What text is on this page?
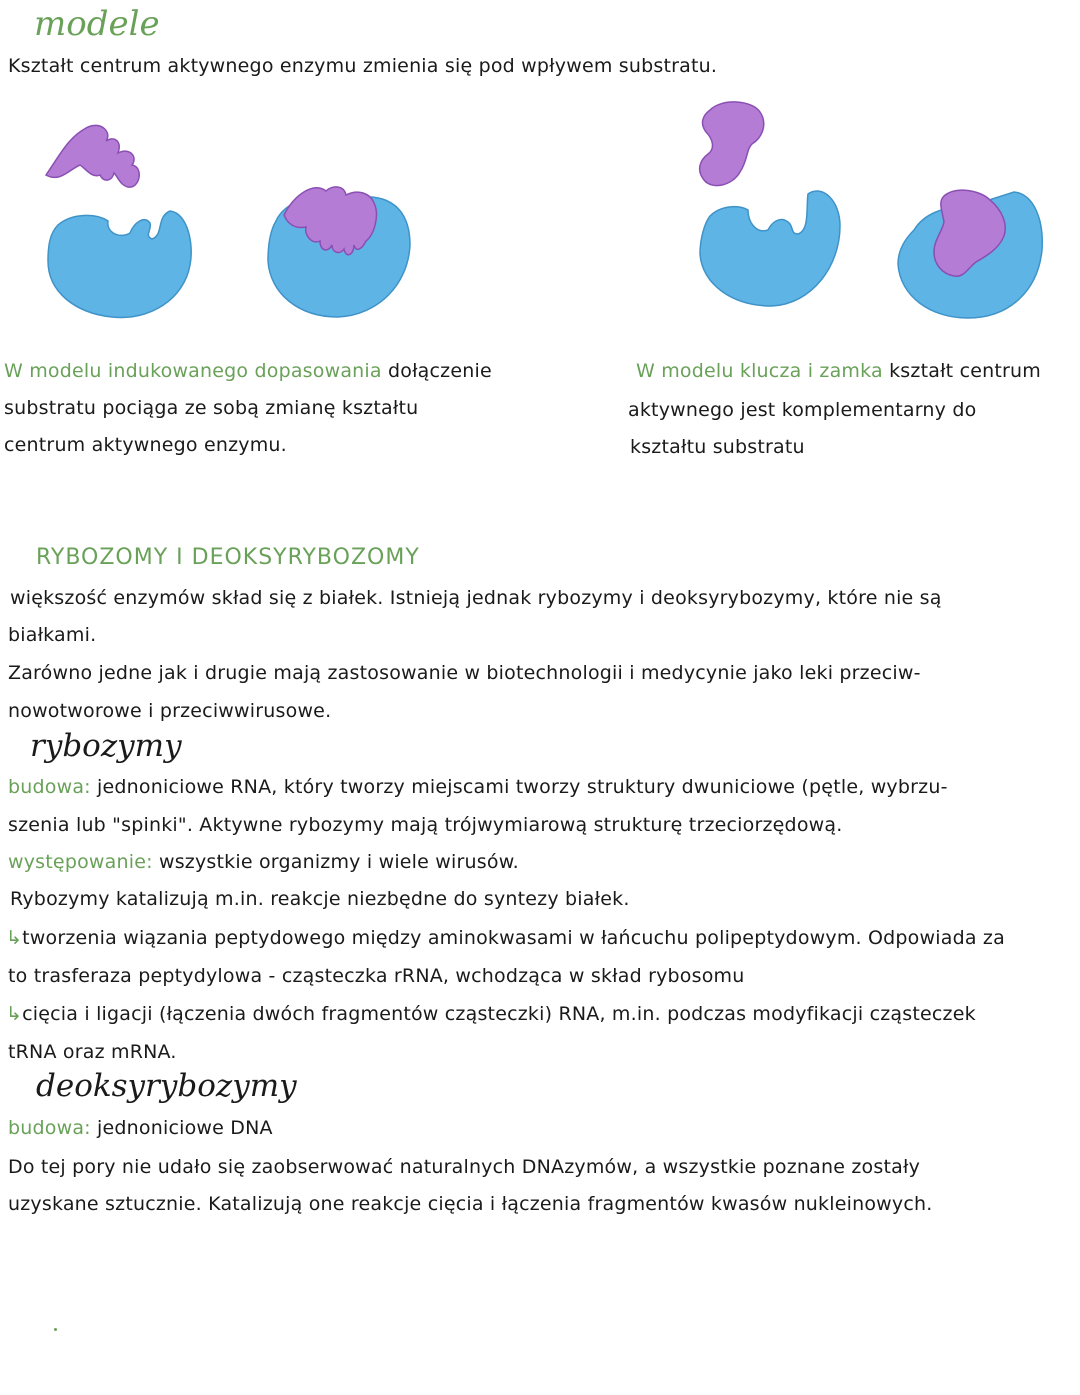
modele
Kształt centrum aktywnego enzymu zmienia się pod wpływem substratu.
W modelu indukowanego dopasowania dołączenie
substratu pociąga ze sobą zmianę kształtu
centrum aktywnego enzymu.
W modelu klucza i zamka kształt centrum
aktywnego jest komplementarny do
kształtu substratu
RYBOZOMY I DEOKSYRYBOZOMY
większość enzymów skład się z białek. Istnieją jednak rybozymy i deoksyrybozymy, które nie są
białkami.
Zarówno jedne jak i drugie mają zastosowanie w biotechnologii i medycynie jako leki przeciw-
nowotworowe i przeciwwirusowe.
rybozymy
budowa: jednoniciowe RNA, który tworzy miejscami tworzy struktury dwuniciowe (pętle, wybrzu-
szenia lub "spinki". Aktywne rybozymy mają trójwymiarową strukturę trzeciorzędową.
występowanie: wszystkie organizmy i wiele wirusów.
Rybozymy katalizują m.in. reakcje niezbędne do syntezy białek.
↳tworzenia wiązania peptydowego między aminokwasami w łańcuchu polipeptydowym. Odpowiada za
to trasferaza peptydylowa - cząsteczka rRNA, wchodząca w skład rybosomu
↳cięcia i ligacji (łączenia dwóch fragmentów cząsteczki) RNA, m.in. podczas modyfikacji cząsteczek
tRNA oraz mRNA.
deoksyrybozymy
budowa: jednoniciowe DNA
Do tej pory nie udało się zaobserwować naturalnych DNAzymów, a wszystkie poznane zostały
uzyskane sztucznie. Katalizują one reakcje cięcia i łączenia fragmentów kwasów nukleinowych.
